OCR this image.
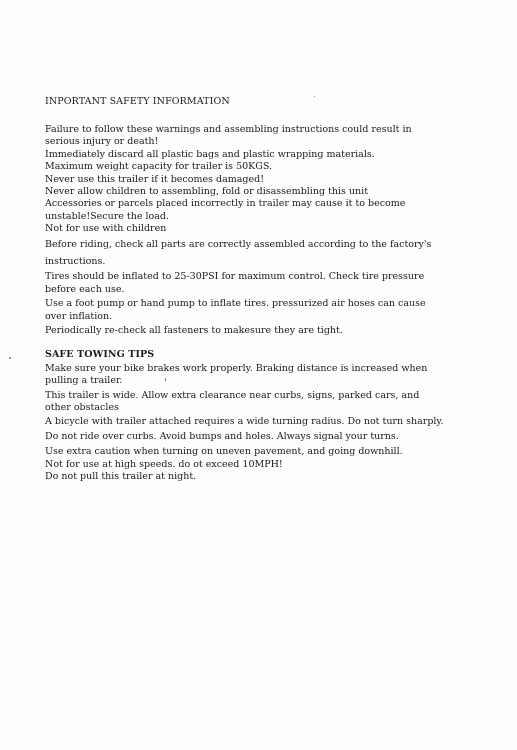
INPORTANT SAFETY INFORMATION

Failure to follow these warnings and assembling instructions could result in

serious injury or death!

Immediately discard all plastic bags and plastic wrapping materials.

Maximum weight capacity for trailer is 50KGS.

Never use this trailer if it becomes damaged!

Never allow children to assembling, fold or disassembling this unit

Accessories or parcels placed incorrectly in trailer may cause it to become

unstable!Secure the load.

Not for use with children

Before riding, check all parts are correctly assembled according to the factory's

instructions.

Tires should be inflated to 25-30PSI for maximum control. Check tire pressure

before each use.

Use a foot pump or hand pump to inflate tires. pressurized air hoses can cause

over inflation.

Periodically re-check all fasteners to makesure they are tight.

SAFE TOWING TIPS

Make sure your bike brakes work properly. Braking distance is increased when

pulling a trailer.

This trailer is wide. Allow extra clearance near curbs, signs, parked cars, and

other obstacles

A bicycle with trailer attached requires a wide turning radius. Do not turn sharply.

Do not ride over curbs. Avoid bumps and holes. Always signal your turns.

Use extra caution when turning on uneven pavement, and going downhill.

Not for use at high speeds. do ot exceed 10MPH!

Do not pull this trailer at night.
